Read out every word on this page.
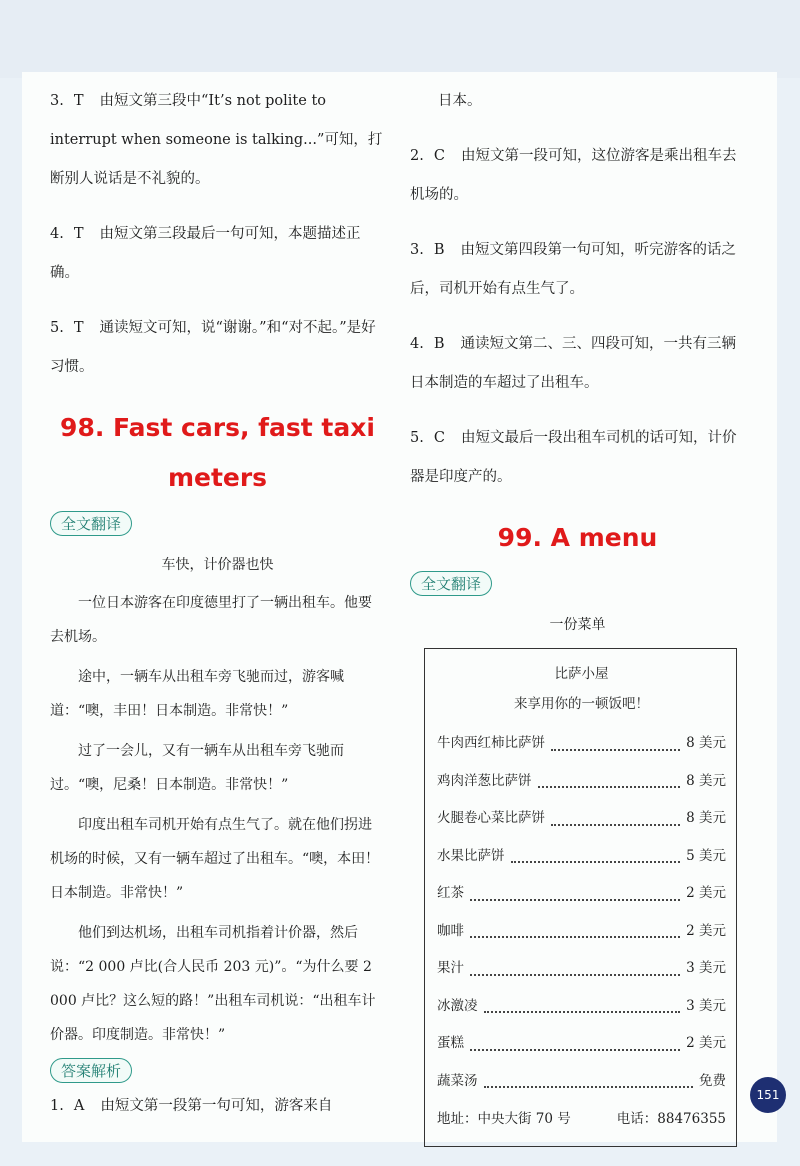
3. T 由短文第三段中“It’s not polite to interrupt when someone is talking...”可知，打断别人说话是不礼貌的。
4. T 由短文第三段最后一句可知，本题描述正确。
5. T 通读短文可知，说“谢谢。”和“对不起。”是好习惯。
98. Fast cars, fast taxi meters
全文翻译
车快，计价器也快

一位日本游客在印度德里打了一辆出租车。他要去机场。

途中，一辆车从出租车旁飞驰而过，游客喊道：“噢，丰田！日本制造。非常快！”

过了一会儿，又有一辆车从出租车旁飞驰而过。“噢，尼桑！日本制造。非常快！”

印度出租车司机开始有点生气了。就在他们拐进机场的时候，又有一辆车超过了出租车。“噢，本田！日本制造。非常快！”

他们到达机场，出租车司机指着计价器，然后说：“2 000 卢比(合人民币 203 元)”。“为什么要 2 000 卢比？这么短的路！”出租车司机说：“出租车计价器。印度制造。非常快！”

答案解析
1. A 由短文第一段第一句可知，游客来自
日本。
2. C 由短文第一段可知，这位游客是乘出租车去机场的。
3. B 由短文第四段第一句可知，听完游客的话之后，司机开始有点生气了。
4. B 通读短文第二、三、四段可知，一共有三辆日本制造的车超过了出租车。
5. C 由短文最后一段出租车司机的话可知，计价器是印度产的。
99. A menu
全文翻译
一份菜单
比萨小屋
来享用你的一顿饭吧！
牛肉西红柿比萨饼	8 美元
鸡肉洋葱比萨饼	8 美元
火腿卷心菜比萨饼	8 美元
水果比萨饼	5 美元
红茶	2 美元
咖啡	2 美元
果汁	3 美元
冰激凌	3 美元
蛋糕	2 美元
蔬菜汤	免费
地址：中央大街 70 号	电话：88476355
151
